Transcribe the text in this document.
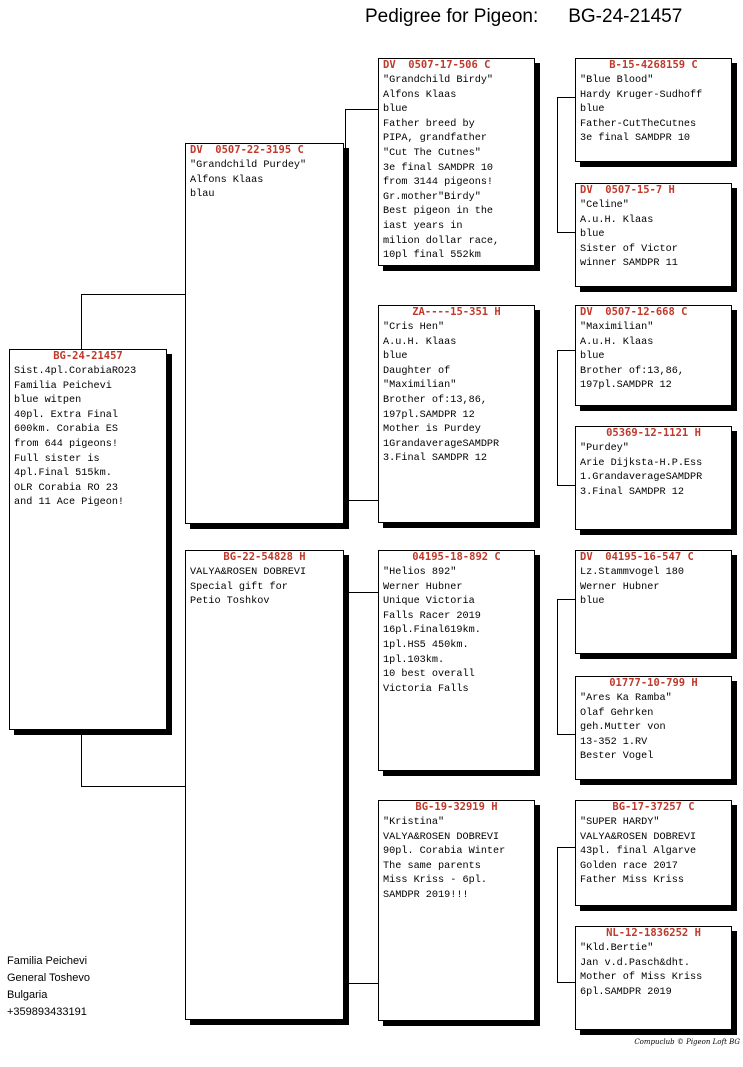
Pedigree for Pigeon: BG-24-21457
BG-24-21457
Sist.4pl.CorabiaRO23
Familia Peichevi
blue witpen
40pl. Extra Final
600km. Corabia ES
from 644 pigeons!
Full sister is
4pl.Final 515km.
OLR Corabia RO 23
and 11 Ace Pigeon!
DV  0507-22-3195 C
"Grandchild Purdey"
Alfons Klaas
blau
BG-22-54828 H
VALYA&ROSEN DOBREVI
Special gift for
Petio Toshkov
DV  0507-17-506 C
"Grandchild Birdy"
Alfons Klaas
blue
Father breed by
PIPA, grandfather
"Cut The Cutnes"
3e final SAMDPR 10
from 3144 pigeons!
Gr.mother"Birdy"
Best pigeon in the
iast years in
milion dollar race,
10pl final 552km
ZA----15-351 H
"Cris Hen"
A.u.H. Klaas
blue
Daughter of
"Maximilian"
Brother of:13,86,
197pl.SAMDPR 12
Mother is Purdey
1GrandaverageSAMDPR
3.Final SAMDPR 12
04195-18-892 C
"Helios 892"
Werner Hubner
Unique Victoria
Falls Racer 2019
16pl.Final619km.
1pl.HS5 450km.
1pl.103km.
10 best overall
Victoria Falls
BG-19-32919 H
"Kristina"
VALYA&ROSEN DOBREVI
90pl. Corabia Winter
The same parents
Miss Kriss - 6pl.
SAMDPR 2019!!!
B-15-4268159 C
"Blue Blood"
Hardy Kruger-Sudhoff
blue
Father-CutTheCutnes
3e final SAMDPR 10
DV  0507-15-7 H
"Celine"
A.u.H. Klaas
blue
Sister of Victor
winner SAMDPR 11
DV  0507-12-668 C
"Maximilian"
A.u.H. Klaas
blue
Brother of:13,86,
197pl.SAMDPR 12
05369-12-1121 H
"Purdey"
Arie Dijksta-H.P.Ess
1.GrandaverageSAMDPR
3.Final SAMDPR 12
DV  04195-16-547 C
Lz.Stammvogel 180
Werner Hubner
blue
01777-10-799 H
"Ares Ka Ramba"
Olaf Gehrken
geh.Mutter von
13-352 1.RV
Bester Vogel
BG-17-37257 C
"SUPER HARDY"
VALYA&ROSEN DOBREVI
43pl. final Algarve
Golden race 2017
Father Miss Kriss
NL-12-1836252 H
"Kld.Bertie"
Jan v.d.Pasch&dht.
Mother of Miss Kriss
6pl.SAMDPR 2019
Familia Peichevi
General Toshevo
Bulgaria
+359893433191
Compuclub © Pigeon Loft BG
